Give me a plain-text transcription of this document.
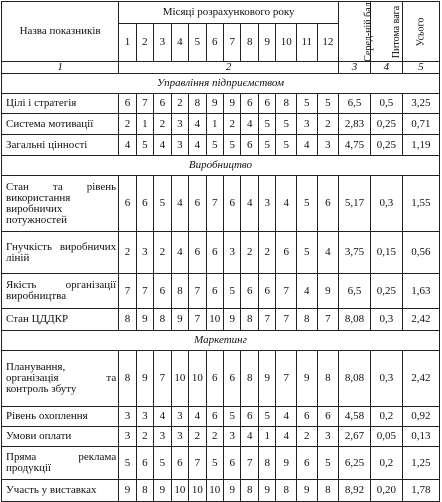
Назва показників	Місяці розрахункового року												Серед-ній бал	Питома вага	Усього
	1	2	3	4	5	6	7	8	9	10	11	12			
1	2												3	4	5
Управління підприємством															
Цілі і стратегія	6	7	6	2	8	9	9	6	6	8	5	5	6,5	0,5	3,25
Система мотивації	2	1	2	3	4	1	2	4	5	5	3	2	2,83	0,25	0,71
Загальні цінності	4	5	4	3	4	5	5	6	5	5	4	3	4,75	0,25	1,19
Виробництво															
Стан та рівень використання виробничих потужностей	6	6	5	4	6	7	6	4	3	4	5	6	5,17	0,3	1,55
Гнучкість виробничих ліній	2	3	2	4	6	6	3	2	2	6	5	4	3,75	0,15	0,56
Якість організації виробництва	7	7	6	8	7	6	5	6	6	7	4	9	6,5	0,25	1,63
Стан ЦДДКР	8	9	8	9	7	10	9	8	7	7	8	7	8,08	0,3	2,42
Маркетинг															
Планування, організація та контроль збуту	8	9	7	10	10	6	6	8	9	7	9	8	8,08	0,3	2,42
Рівень охоплення	3	3	4	3	4	6	5	6	5	4	6	6	4,58	0,2	0,92
Умови оплати	3	2	3	3	2	2	3	4	1	4	2	3	2,67	0,05	0,13
Пряма реклама продукції	5	6	5	6	7	5	6	7	8	9	6	5	6,25	0,2	1,25
Участь у виставках	9	8	9	10	10	10	9	8	9	8	9	8	8,92	0,20	1,78
